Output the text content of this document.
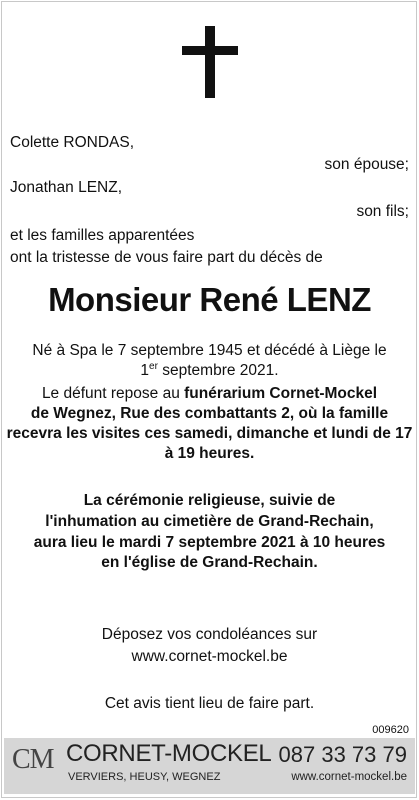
Colette RONDAS,
son épouse;
Jonathan LENZ,
son fils;
et les familles apparentées
ont la tristesse de vous faire part du décès de
Monsieur René LENZ
Né à Spa le 7 septembre 1945 et décédé à Liège le
1er septembre 2021.
Le défunt repose au funérarium Cornet-Mockel
de Wegnez, Rue des combattants 2, où la famille
recevra les visites ces samedi, dimanche et lundi de 17
à 19 heures.
La cérémonie religieuse, suivie de
l'inhumation au cimetière de Grand-Rechain,
aura lieu le mardi 7 septembre 2021 à 10 heures
en l'église de Grand-Rechain.
Déposez vos condoléances sur
www.cornet-mockel.be
Cet avis tient lieu de faire part.
009620
CM CORNET-MOCKEL
VERVIERS, HEUSY, WEGNEZ
087 33 73 79
www.cornet-mockel.be
